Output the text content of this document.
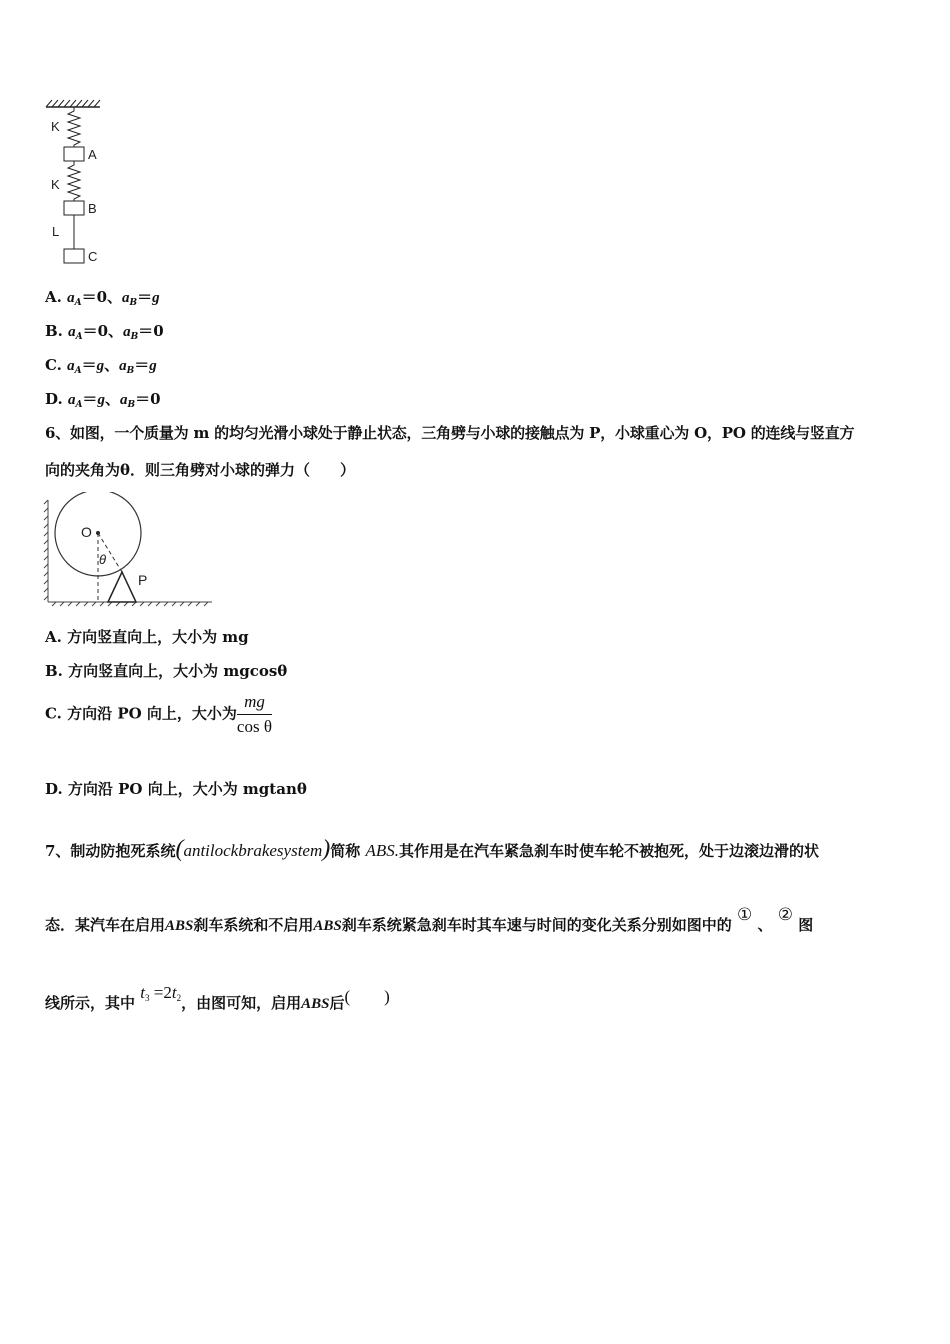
K
A
K
B
L
C
A. $a_A=0$、$a_B=g$
B. $a_A=0$、$a_B=0$
C. $a_A=g$、$a_B=g$
D. $a_A=g$、$a_B=0$
6、如图，一个质量为 m 的均匀光滑小球处于静止状态，三角劈与小球的接触点为 P，小球重心为 O，PO 的连线与竖直方
向的夹角为θ．则三角劈对小球的弹力（　　）
O
θ
P
A. 方向竖直向上，大小为 mg
B. 方向竖直向上，大小为 mgcosθ
C. 方向沿 PO 向上，大小为 $\frac{mg}{\text{cos θ}}$
D. 方向沿 PO 向上，大小为 mgtanθ
7、制动防抱死系统(antilockbrakesystem)简称 ABS.其作用是在汽车紧急刹车时使车轮不被抱死，处于边滚边滑的状
态．某汽车在启用ABS刹车系统和不启用ABS刹车系统紧急刹车时其车速与时间的变化关系分别如图中的 ① 、 ② 图
线所示，其中 $t_3 =2t_2$，由图可知，启用ABS后(　　)
